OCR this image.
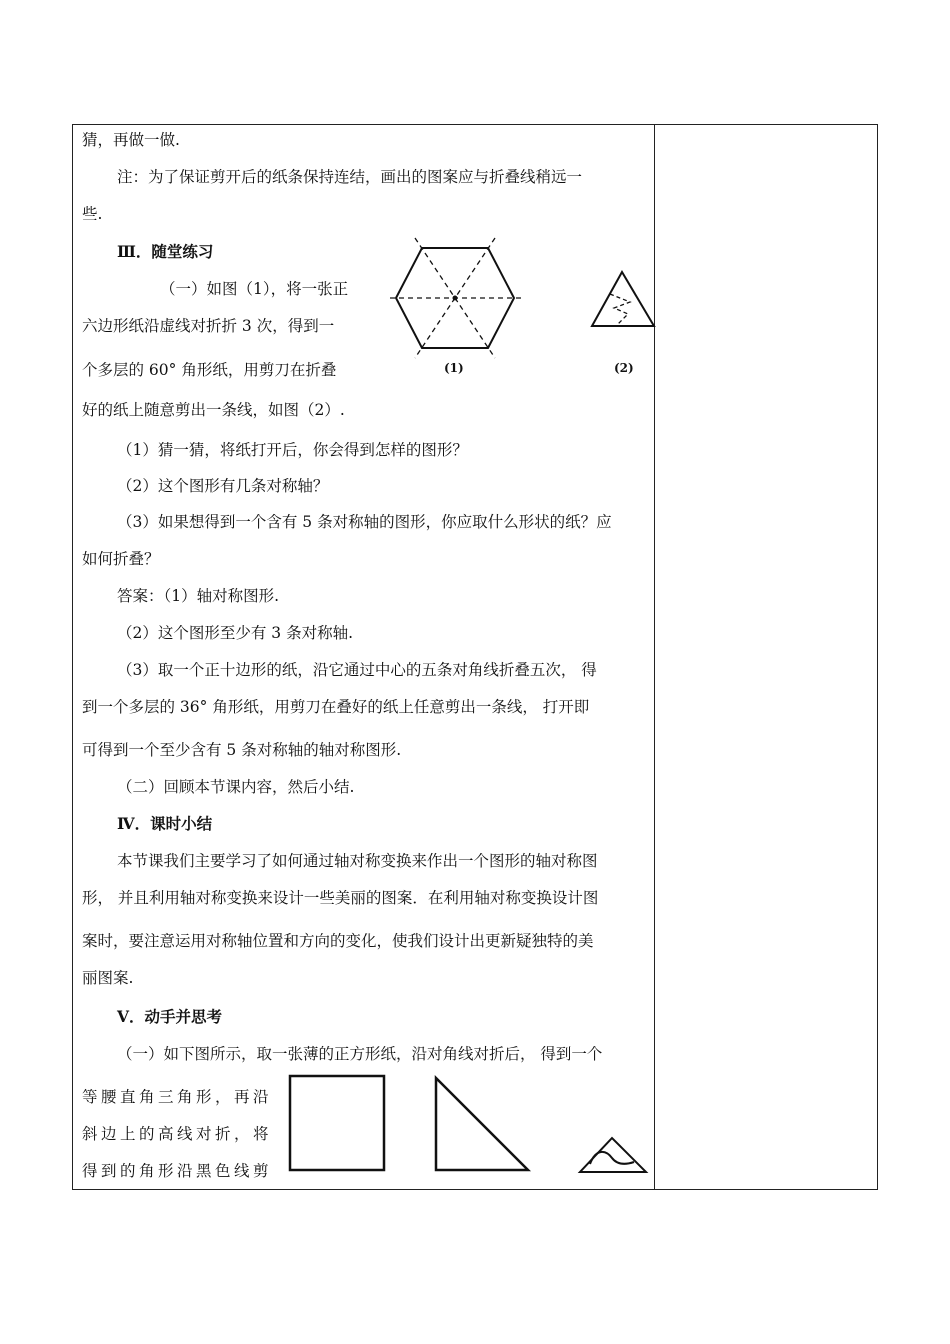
猜，再做一做.
注：为了保证剪开后的纸条保持连结，画出的图案应与折叠线稍远一
些.
Ⅲ．随堂练习
（一）如图（1），将一张正
六边形纸沿虚线对折折 3 次，得到一
个多层的 60° 角形纸，用剪刀在折叠
好的纸上随意剪出一条线，如图（2）.
(1)	(2)
（1）猜一猜，将纸打开后，你会得到怎样的图形？
（2）这个图形有几条对称轴？
（3）如果想得到一个含有 5 条对称轴的图形，你应取什么形状的纸？应
如何折叠？
答案：（1）轴对称图形.
（2）这个图形至少有 3 条对称轴.
（3）取一个正十边形的纸，沿它通过中心的五条对角线折叠五次， 得
到一个多层的 36° 角形纸，用剪刀在叠好的纸上任意剪出一条线， 打开即
可得到一个至少含有 5 条对称轴的轴对称图形.
（二）回顾本节课内容，然后小结.
Ⅳ．课时小结
本节课我们主要学习了如何通过轴对称变换来作出一个图形的轴对称图
形， 并且利用轴对称变换来设计一些美丽的图案．在利用轴对称变换设计图
案时，要注意运用对称轴位置和方向的变化，使我们设计出更新疑独特的美
丽图案.
Ⅴ．动手并思考
（一）如下图所示，取一张薄的正方形纸，沿对角线对折后， 得到一个
等腰直角三角形，再沿
斜边上的高线对折，将
得到的角形沿黑色线剪
